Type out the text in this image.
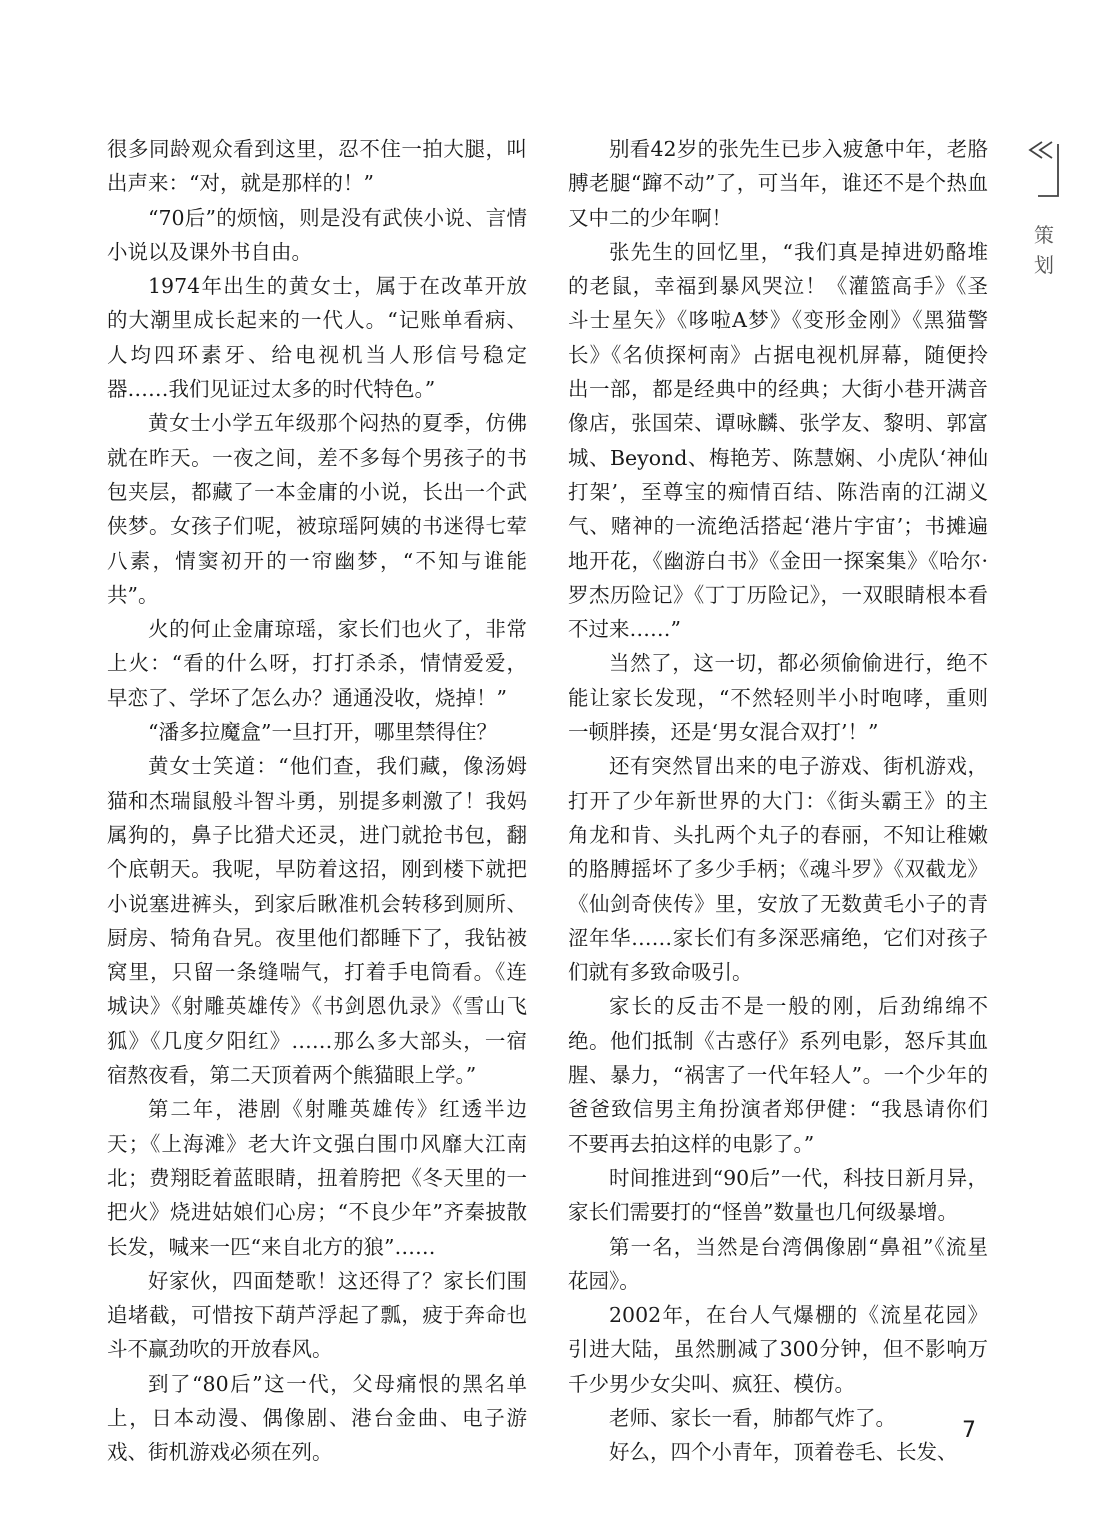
很多同龄观众看到这里，忍不住一拍大腿，叫出声来：“对，就是那样的！”

“70后”的烦恼，则是没有武侠小说、言情小说以及课外书自由。

1974年出生的黄女士，属于在改革开放的大潮里成长起来的一代人。“记账单看病、人均四环素牙、给电视机当人形信号稳定器……我们见证过太多的时代特色。”

黄女士小学五年级那个闷热的夏季，仿佛就在昨天。一夜之间，差不多每个男孩子的书包夹层，都藏了一本金庸的小说，长出一个武侠梦。女孩子们呢，被琼瑶阿姨的书迷得七荤八素，情窦初开的一帘幽梦，“不知与谁能共”。

火的何止金庸琼瑶，家长们也火了，非常上火：“看的什么呀，打打杀杀，情情爱爱，早恋了、学坏了怎么办？通通没收，烧掉！”

“潘多拉魔盒”一旦打开，哪里禁得住？

黄女士笑道：“他们查，我们藏，像汤姆猫和杰瑞鼠般斗智斗勇，别提多刺激了！我妈属狗的，鼻子比猎犬还灵，进门就抢书包，翻个底朝天。我呢，早防着这招，刚到楼下就把小说塞进裤头，到家后瞅准机会转移到厕所、厨房、犄角旮旯。夜里他们都睡下了，我钻被窝里，只留一条缝喘气，打着手电筒看。《连城诀》《射雕英雄传》《书剑恩仇录》《雪山飞狐》《几度夕阳红》……那么多大部头，一宿宿熬夜看，第二天顶着两个熊猫眼上学。”

第二年，港剧《射雕英雄传》红透半边天；《上海滩》老大许文强白围巾风靡大江南北；费翔眨着蓝眼睛，扭着胯把《冬天里的一把火》烧进姑娘们心房；“不良少年”齐秦披散长发，喊来一匹“来自北方的狼”……

好家伙，四面楚歌！这还得了？家长们围追堵截，可惜按下葫芦浮起了瓢，疲于奔命也斗不赢劲吹的开放春风。

到了“80后”这一代，父母痛恨的黑名单上，日本动漫、偶像剧、港台金曲、电子游戏、街机游戏必须在列。

别看42岁的张先生已步入疲惫中年，老胳膊老腿“蹿不动”了，可当年，谁还不是个热血又中二的少年啊！

张先生的回忆里，“我们真是掉进奶酪堆的老鼠，幸福到暴风哭泣！《灌篮高手》《圣斗士星矢》《哆啦A梦》《变形金刚》《黑猫警长》《名侦探柯南》占据电视机屏幕，随便拎出一部，都是经典中的经典；大街小巷开满音像店，张国荣、谭咏麟、张学友、黎明、郭富城、Beyond、梅艳芳、陈慧娴、小虎队‘神仙打架’，至尊宝的痴情百结、陈浩南的江湖义气、赌神的一流绝活搭起‘港片宇宙’；书摊遍地开花，《幽游白书》《金田一探案集》《哈尔·罗杰历险记》《丁丁历险记》，一双眼睛根本看不过来……”

当然了，这一切，都必须偷偷进行，绝不能让家长发现，“不然轻则半小时咆哮，重则一顿胖揍，还是‘男女混合双打’！”

还有突然冒出来的电子游戏、街机游戏，打开了少年新世界的大门：《街头霸王》的主角龙和肯、头扎两个丸子的春丽，不知让稚嫩的胳膊摇坏了多少手柄；《魂斗罗》《双截龙》《仙剑奇侠传》里，安放了无数黄毛小子的青涩年华……家长们有多深恶痛绝，它们对孩子们就有多致命吸引。

家长的反击不是一般的刚，后劲绵绵不绝。他们抵制《古惑仔》系列电影，怒斥其血腥、暴力，“祸害了一代年轻人”。一个少年的爸爸致信男主角扮演者郑伊健：“我恳请你们不要再去拍这样的电影了。”

时间推进到“90后”一代，科技日新月异，家长们需要打的“怪兽”数量也几何级暴增。

第一名，当然是台湾偶像剧“鼻祖”《流星花园》。

2002年，在台人气爆棚的《流星花园》引进大陆，虽然删减了300分钟，但不影响万千少男少女尖叫、疯狂、模仿。

老师、家长一看，肺都气炸了。

好么，四个小青年，顶着卷毛、长发、

策
划
7
